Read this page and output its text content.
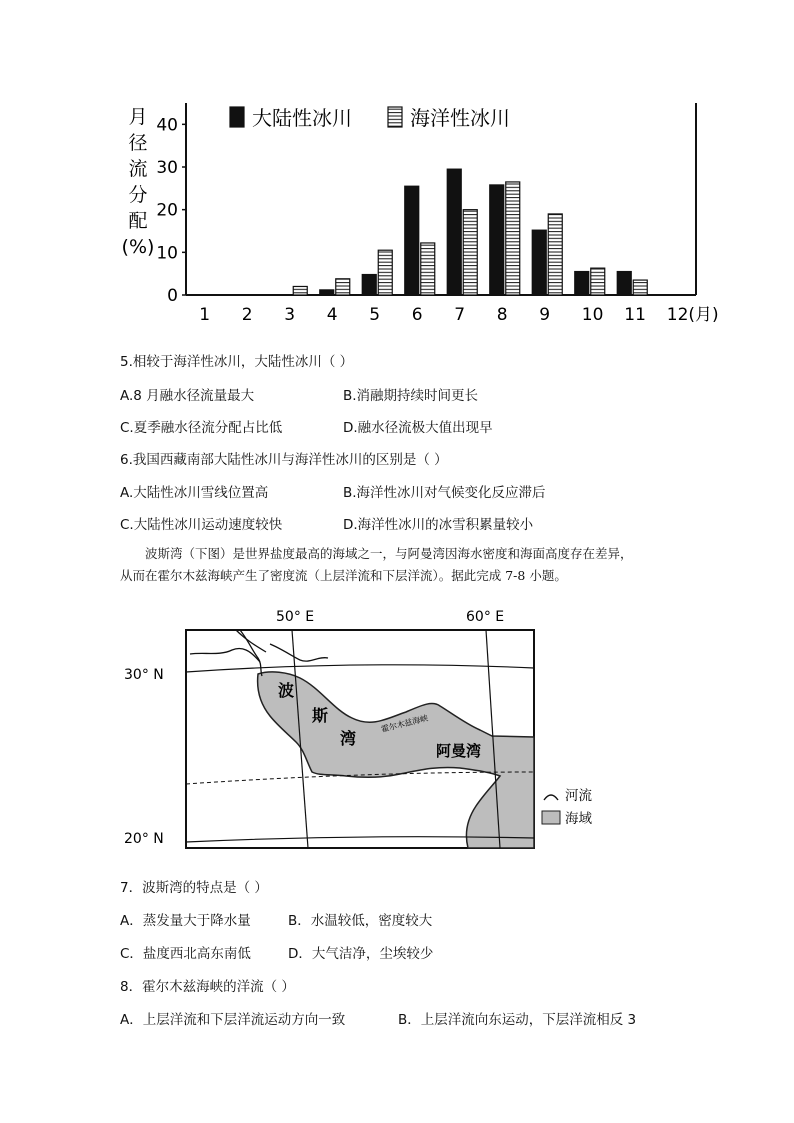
月
径
流
分
配
(%)
0
10
20
30
40
1 2 3 4 5 6 7 8 9 10 11 12(月)
大陆性冰川	海洋性冰川
5.相较于海洋性冰川，大陆性冰川（ ）
A.8 月融水径流量最大	B.消融期持续时间更长
C.夏季融水径流分配占比低	D.融水径流极大值出现早
6.我国西藏南部大陆性冰川与海洋性冰川的区别是（ ）
A.大陆性冰川雪线位置高	B.海洋性冰川对气候变化反应滞后
C.大陆性冰川运动速度较快	D.海洋性冰川的冰雪积累量较小

波斯湾（下图）是世界盐度最高的海域之一，与阿曼湾因海水密度和海面高度存在差异，

从而在霍尔木兹海峡产生了密度流（上层洋流和下层洋流）。据此完成 7-8 小题。

50° E	60° E
30° N
20° N
波
斯
湾
阿曼湾
霍尔木兹海峡
河流
海域
7．波斯湾的特点是（ ）
A．蒸发量大于降水量	B．水温较低，密度较大
C．盐度西北高东南低	D．大气洁净，尘埃较少
8．霍尔木兹海峡的洋流（ ）
A．上层洋流和下层洋流运动方向一致	B．上层洋流向东运动，下层洋流相反 3
